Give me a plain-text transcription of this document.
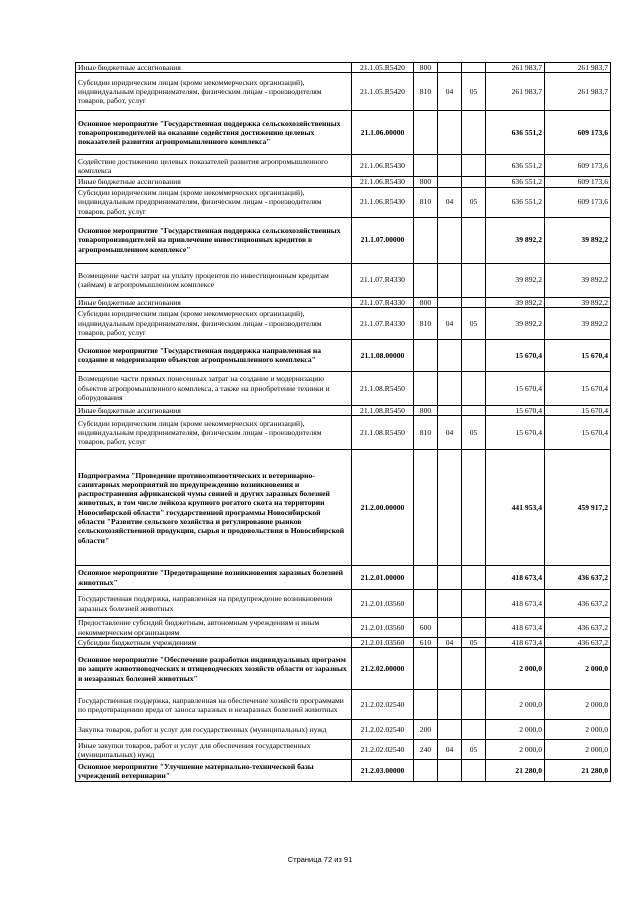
Иные бюджетные ассигнования	21.1.05.R5420	800			261 983,7	261 983,7
Субсидии юридическим лицам (кроме некоммерческих организаций), индивидуальным предпринимателям, физическим лицам - производителям товаров, работ, услуг	21.1.05.R5420	810	04	05	261 983,7	261 983,7
Основное мероприятие "Государственная поддержка сельскохозяйственных товаропроизводителей на оказание содействия достижению целевых показателей развития агропромышленного комплекса"	21.1.06.00000				636 551,2	609 173,6
Содействие достижению целевых показателей развития агропромышленного комплекса	21.1.06.R5430				636 551,2	609 173,6
Иные бюджетные ассигнования	21.1.06.R5430	800			636 551,2	609 173,6
Субсидии юридическим лицам (кроме некоммерческих организаций), индивидуальным предпринимателям, физическим лицам - производителям товаров, работ, услуг	21.1.06.R5430	810	04	05	636 551,2	609 173,6
Основное мероприятие "Государственная поддержка сельскохозяйственных товаропроизводителей на привлечение инвестиционных кредитов в агропромышленном комплексе"	21.1.07.00000				39 892,2	39 892,2
Возмещение части затрат на уплату процентов по инвестиционным кредитам (займам) в агропромышленном комплексе	21.1.07.R4330				39 892,2	39 892,2
Иные бюджетные ассигнования	21.1.07.R4330	800			39 892,2	39 892,2
Субсидии юридическим лицам (кроме некоммерческих организаций), индивидуальным предпринимателям, физическим лицам - производителям товаров, работ, услуг	21.1.07.R4330	810	04	05	39 892,2	39 892,2
Основное мероприятие "Государственная поддержка направленная на создание и модернизацию объектов агропромышленного комплекса"	21.1.08.00000				15 670,4	15 670,4
Возмещение части прямых понесенных затрат на создание и модернизацию объектов агропромышленного комплекса, а также на приобретение техники и оборудования	21.1.08.R5450				15 670,4	15 670,4
Иные бюджетные ассигнования	21.1.08.R5450	800			15 670,4	15 670,4
Субсидии юридическим лицам (кроме некоммерческих организаций), индивидуальным предпринимателям, физическим лицам - производителям товаров, работ, услуг	21.1.08.R5450	810	04	05	15 670,4	15 670,4
Подпрограмма "Проведение противоэпизоотических и ветеринарно-санитарных мероприятий по предупреждению возникновения и распространения африканской чумы свиней и других заразных болезней животных, в том числе лейкоза крупного рогатого скота на территории Новосибирской области" государственной программы Новосибирской области "Развитие сельского хозяйства и регулирование рынков сельскохозяйственной продукции, сырья и продовольствия в Новосибирской области"	21.2.00.00000				441 953,4	459 917,2
Основное мероприятие "Предотвращение возникновения заразных болезней животных"	21.2.01.00000				418 673,4	436 637,2
Государственная поддержка, направленная на предупреждение возникновения заразных болезней животных	21.2.01.03560				418 673,4	436 637,2
Предоставление субсидий бюджетным, автономным учреждениям и иным некоммерческим организациям	21.2.01.03560	600			418 673,4	436 637,2
Субсидии бюджетным учреждениям	21.2.01.03560	610	04	05	418 673,4	436 637,2
Основное мероприятие "Обеспечение разработки индивидуальных программ по защите животноводческих и птицеводческих хозяйств области от заразных и незаразных болезней животных"	21.2.02.00000				2 000,0	2 000,0
Государственная поддержка, направленная на обеспечение хозяйств программами по предотвращению вреда от заноса заразных и незаразных болезней животных	21.2.02.02540				2 000,0	2 000,0
Закупка товаров, работ и услуг для государственных (муниципальных) нужд	21.2.02.02540	200			2 000,0	2 000,0
Иные закупки товаров, работ и услуг для обеспечения государственных (муниципальных) нужд	21.2.02.02540	240	04	05	2 000,0	2 000,0
Основное мероприятие "Улучшение материально-технической базы учреждений ветеринарии"	21.2.03.00000				21 280,0	21 280,0
Страница 72 из 91
